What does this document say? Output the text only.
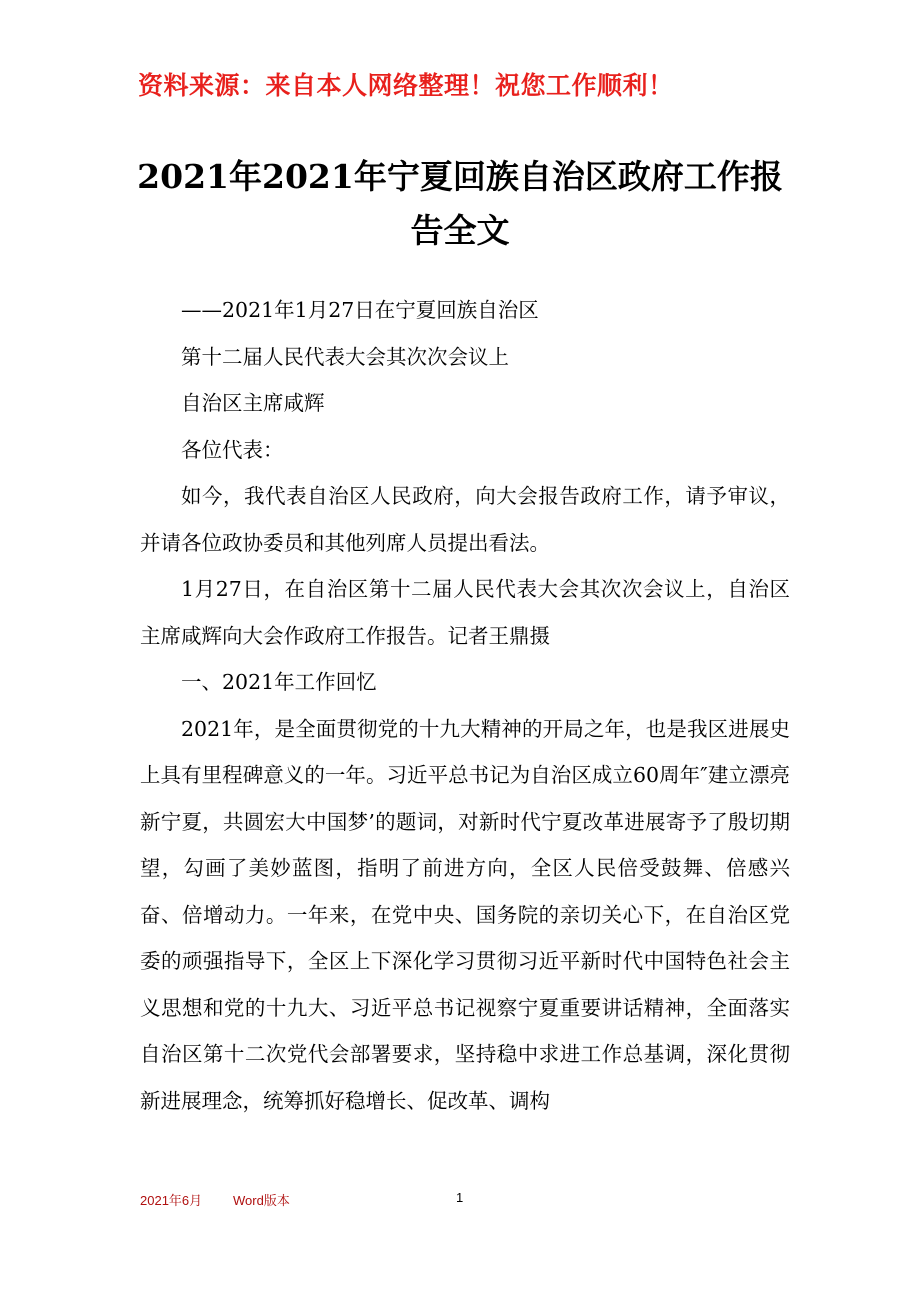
资料来源：来自本人网络整理！祝您工作顺利！
2021年2021年宁夏回族自治区政府工作报告全文

——2021年1月27日在宁夏回族自治区

第十二届人民代表大会其次次会议上

自治区主席咸辉

各位代表：

如今，我代表自治区人民政府，向大会报告政府工作，请予审议，并请各位政协委员和其他列席人员提出看法。

1月27日，在自治区第十二届人民代表大会其次次会议上，自治区主席咸辉向大会作政府工作报告。记者王鼎摄

一、2021年工作回忆

2021年，是全面贯彻党的十九大精神的开局之年，也是我区进展史上具有里程碑意义的一年。习近平总书记为自治区成立60周年″建立漂亮新宁夏，共圆宏大中国梦’的题词，对新时代宁夏改革进展寄予了殷切期望，勾画了美妙蓝图，指明了前进方向，全区人民倍受鼓舞、倍感兴奋、倍增动力。一年来，在党中央、国务院的亲切关心下，在自治区党委的顽强指导下，全区上下深化学习贯彻习近平新时代中国特色社会主义思想和党的十九大、习近平总书记视察宁夏重要讲话精神，全面落实自治区第十二次党代会部署要求，坚持稳中求进工作总基调，深化贯彻新进展理念，统筹抓好稳增长、促改革、调构

2021年6月 Word版本	1
